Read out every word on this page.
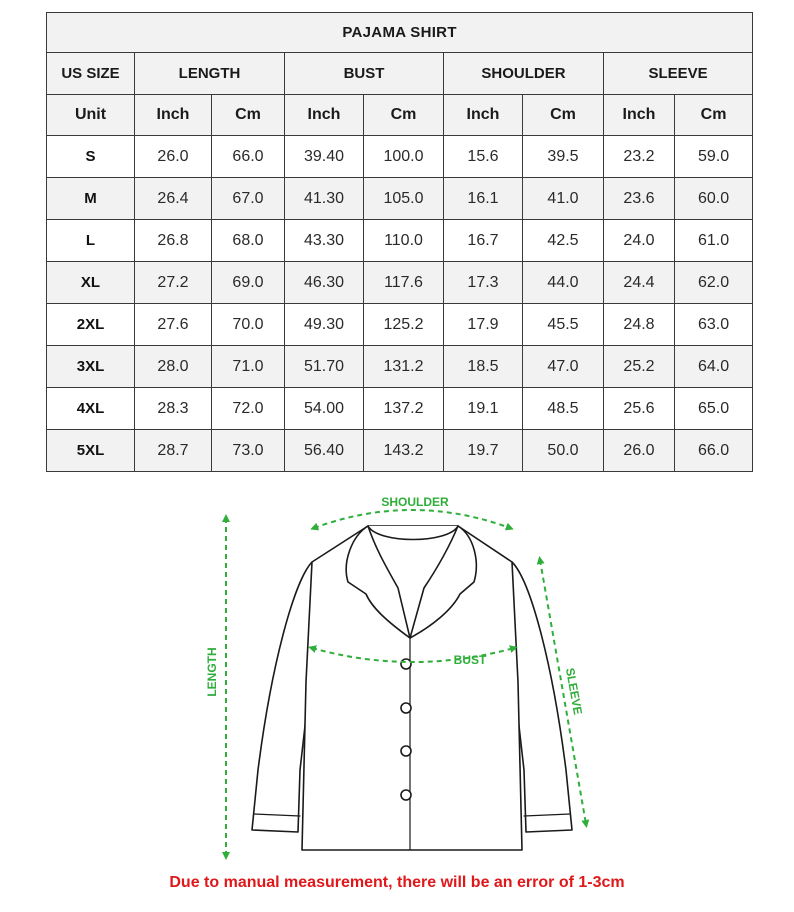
PAJAMA SHIRT								
US SIZE	LENGTH		BUST		SHOULDER		SLEEVE	
Unit	Inch	Cm	Inch	Cm	Inch	Cm	Inch	Cm
S	26.0	66.0	39.40	100.0	15.6	39.5	23.2	59.0
M	26.4	67.0	41.30	105.0	16.1	41.0	23.6	60.0
L	26.8	68.0	43.30	110.0	16.7	42.5	24.0	61.0
XL	27.2	69.0	46.30	117.6	17.3	44.0	24.4	62.0
2XL	27.6	70.0	49.30	125.2	17.9	45.5	24.8	63.0
3XL	28.0	71.0	51.70	131.2	18.5	47.0	25.2	64.0
4XL	28.3	72.0	54.00	137.2	19.1	48.5	25.6	65.0
5XL	28.7	73.0	56.40	143.2	19.7	50.0	26.0	66.0
SHOULDER
BUST
LENGTH	SLEEVE
Due to manual measurement, there will be an error of 1-3cm
